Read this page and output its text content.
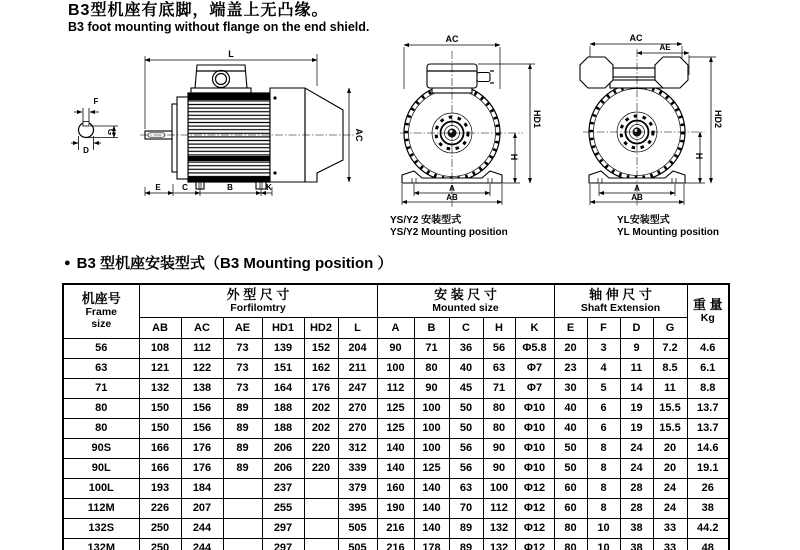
B3型机座有底脚，端盖上无凸缘。
B3 foot mounting without flange on the end shield.
F
G
D
L
AC
E	C	B	K
AC
H
HD1
A
AB
YS/Y2 安装型式
YS/Y2 Mounting position
AC
AE
H
HD2
A
AB
YL安装型式
YL Mounting position
● B3 型机座安装型式（B3 Mounting position ）
机座号
Frame
size

外 型 尺 寸
Forfilomtry

安 装 尺 寸
Mounted size

轴 伸 尺 寸
Shaft Extension	重 量
Kg

	AB	AC	AE	HD1	HD2	L	A	B	C	H	K	E	F	D	G	
56	108	112	73	139	152	204	90	71	36	56	Φ5.8	20	3	9	7.2	4.6
63	121	122	73	151	162	211	100	80	40	63	Φ7	23	4	11	8.5	6.1
71	132	138	73	164	176	247	112	90	45	71	Φ7	30	5	14	11	8.8
80	150	156	89	188	202	270	125	100	50	80	Φ10	40	6	19	15.5	13.7
80	150	156	89	188	202	270	125	100	50	80	Φ10	40	6	19	15.5	13.7
90S	166	176	89	206	220	312	140	100	56	90	Φ10	50	8	24	20	14.6
90L	166	176	89	206	220	339	140	125	56	90	Φ10	50	8	24	20	19.1
100L	193	184		237		379	160	140	63	100	Φ12	60	8	28	24	26
112M	226	207		255		395	190	140	70	112	Φ12	60	8	28	24	38
132S	250	244		297		505	216	140	89	132	Φ12	80	10	38	33	44.2
132M	250	244		297		505	216	178	89	132	Φ12	80	10	38	33	48
